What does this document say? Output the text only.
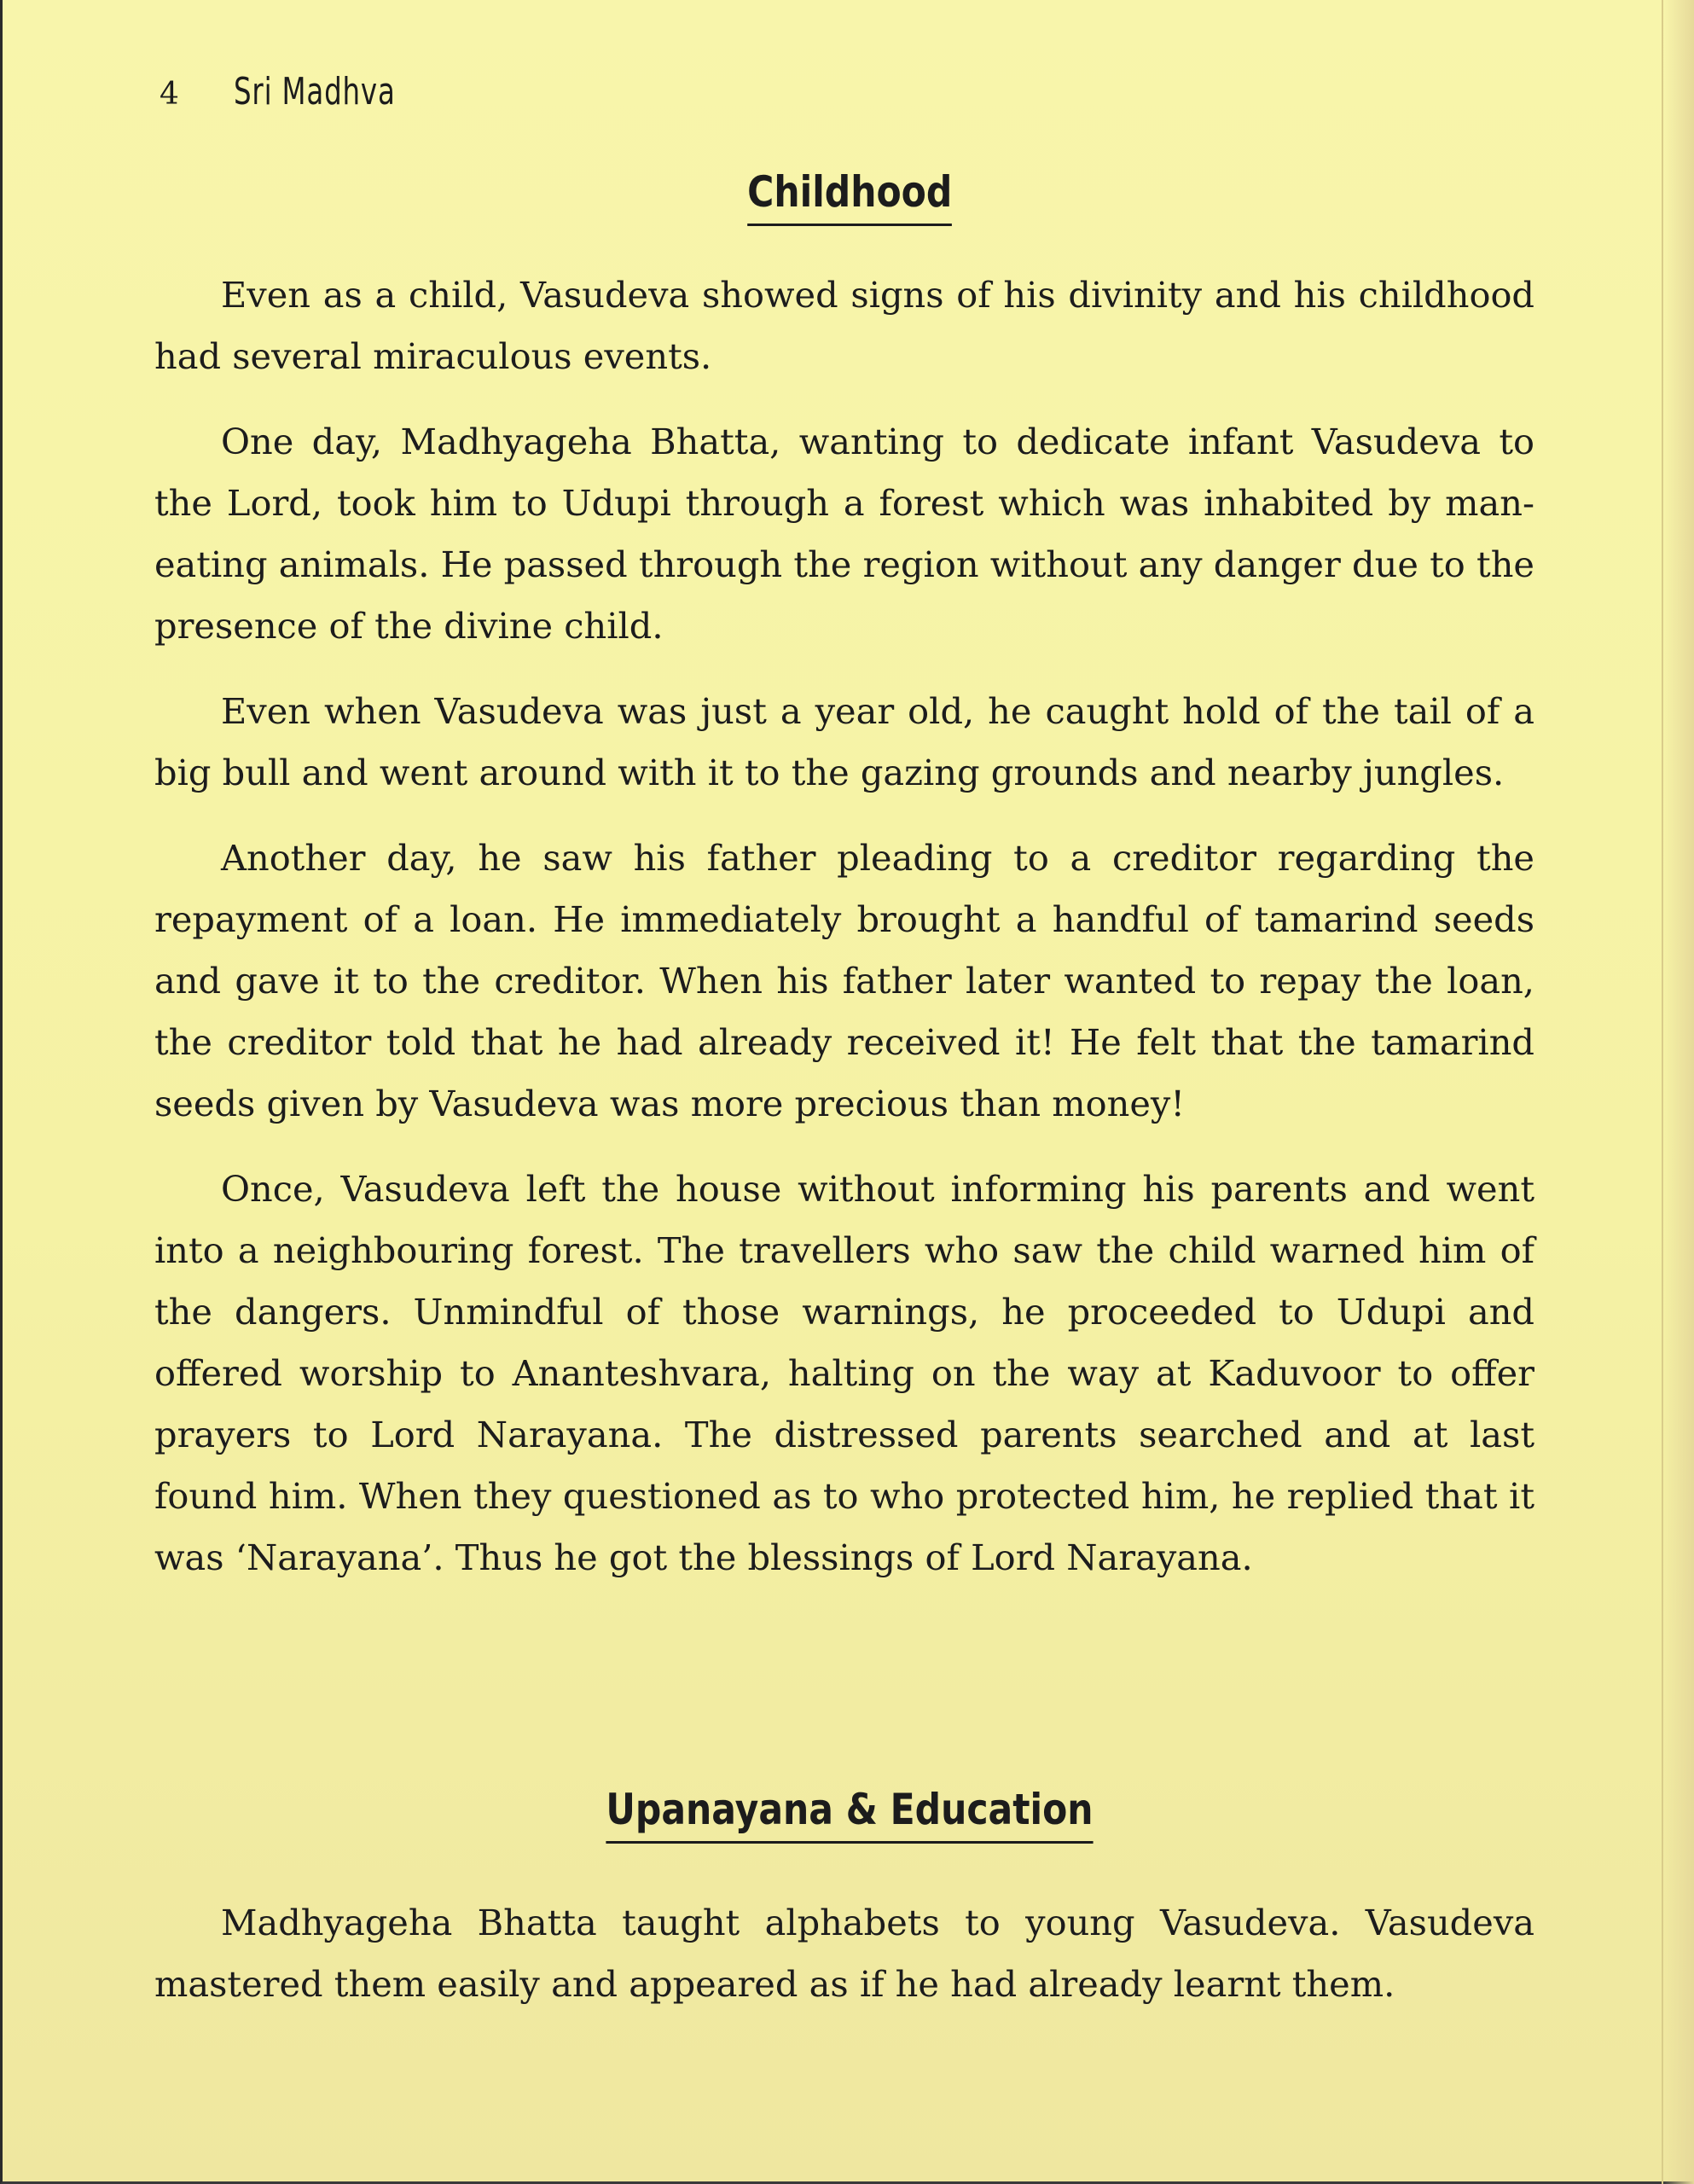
4 Sri Madhva
Childhood

Even as a child, Vasudeva showed signs of his divinity and his childhood had several miraculous events.

One day, Madhyageha Bhatta, wanting to dedicate infant Vasudeva to the Lord, took him to Udupi through a forest which was inhabited by man-eating animals. He passed through the region without any danger due to the presence of the divine child.

Even when Vasudeva was just a year old, he caught hold of the tail of a big bull and went around with it to the gazing grounds and nearby jungles.

Another day, he saw his father pleading to a creditor regarding the repayment of a loan. He immediately brought a handful of tamarind seeds and gave it to the creditor. When his father later wanted to repay the loan, the creditor told that he had already received it! He felt that the tamarind seeds given by Vasudeva was more precious than money!

Once, Vasudeva left the house without informing his parents and went into a neighbouring forest. The travellers who saw the child warned him of the dangers. Unmindful of those warnings, he proceeded to Udupi and offered worship to Ananteshvara, halting on the way at Kaduvoor to offer prayers to Lord Narayana. The distressed parents searched and at last found him. When they questioned as to who protected him, he replied that it was ‘Narayana’. Thus he got the blessings of Lord Narayana.

Upanayana & Education

Madhyageha Bhatta taught alphabets to young Vasudeva. Vasudeva mastered them easily and appeared as if he had already learnt them.
